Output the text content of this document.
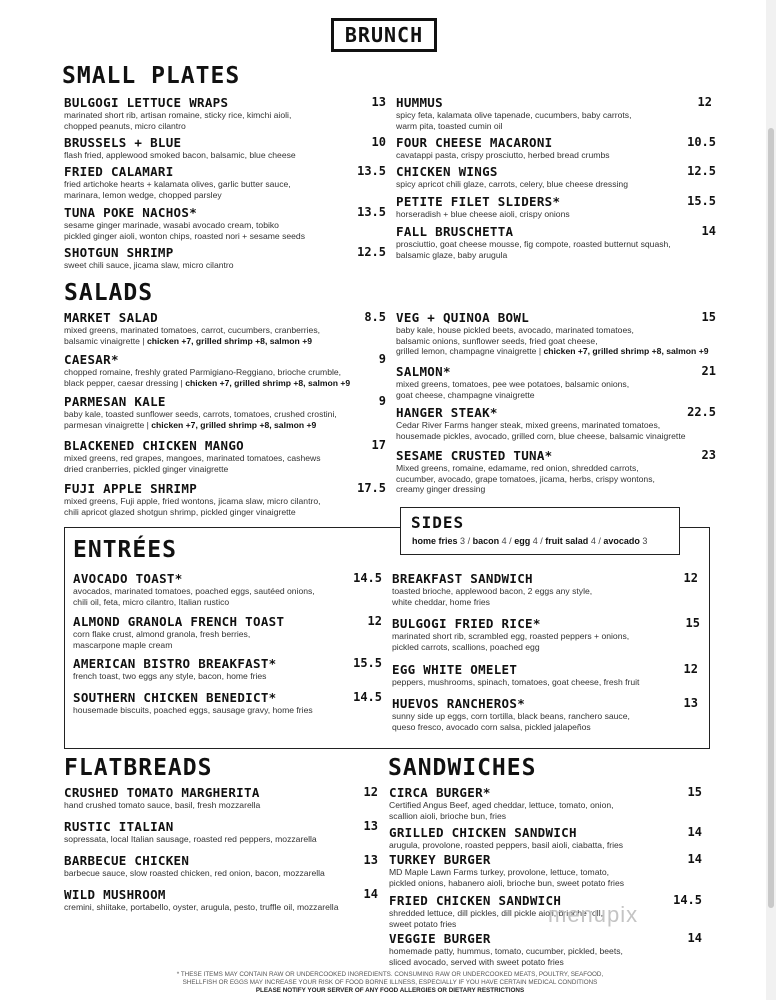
BRUNCH
SMALL PLATES
BULGOGI LETTUCE WRAPS	13
marinated short rib, artisan romaine, sticky rice, kimchi aioli,
chopped peanuts, micro cilantro
BRUSSELS + BLUE	10
flash fried, applewood smoked bacon, balsamic, blue cheese
FRIED CALAMARI	13.5
fried artichoke hearts + kalamata olives, garlic butter sauce,
marinara, lemon wedge, chopped parsley
TUNA POKE NACHOS*	13.5
sesame ginger marinade, wasabi avocado cream, tobiko
pickled ginger aioli, wonton chips, roasted nori + sesame seeds
SHOTGUN SHRIMP	12.5
sweet chili sauce, jicama slaw, micro cilantro
HUMMUS	12
spicy feta, kalamata olive tapenade, cucumbers, baby carrots,
warm pita, toasted cumin oil
FOUR CHEESE MACARONI	10.5
cavatappi pasta, crispy prosciutto, herbed bread crumbs
CHICKEN WINGS	12.5
spicy apricot chili glaze, carrots, celery, blue cheese dressing
PETITE FILET SLIDERS*	15.5
horseradish + blue cheese aioli, crispy onions
FALL BRUSCHETTA	14
prosciuttio, goat cheese mousse, fig compote, roasted butternut squash,
balsamic glaze, baby arugula
SALADS
MARKET SALAD	8.5
mixed greens, marinated tomatoes, carrot, cucumbers, cranberries,
balsamic vinaigrette | chicken +7, grilled shrimp +8, salmon +9
CAESAR*	9
chopped romaine, freshly grated Parmigiano-Reggiano, brioche crumble,
black pepper, caesar dressing | chicken +7, grilled shrimp +8, salmon +9
PARMESAN KALE	9
baby kale, toasted sunflower seeds, carrots, tomatoes, crushed crostini,
parmesan vinaigrette | chicken +7, grilled shrimp +8, salmon +9
BLACKENED CHICKEN MANGO	17
mixed greens, red grapes, mangoes, marinated tomatoes, cashews
dried cranberries, pickled ginger vinaigrette
FUJI APPLE SHRIMP	17.5
mixed greens, Fuji apple, fried wontons, jicama slaw, micro cilantro,
chili apricot glazed shotgun shrimp, pickled ginger vinaigrette
VEG + QUINOA BOWL	15
baby kale, house pickled beets, avocado, marinated tomatoes,
balsamic onions, sunflower seeds, fried goat cheese,
grilled lemon, champagne vinaigrette | chicken +7, grilled shrimp +8, salmon +9
SALMON*	21
mixed greens, tomatoes, pee wee potatoes, balsamic onions,
goat cheese, champagne vinaigrette
HANGER STEAK*	22.5
Cedar River Farms hanger steak, mixed greens, marinated tomatoes,
housemade pickles, avocado, grilled corn, blue cheese, balsamic vinaigrette
SESAME CRUSTED TUNA*	23
Mixed greens, romaine, edamame, red onion, shredded carrots,
cucumber, avocado, grape tomatoes, jicama, herbs, crispy wontons,
creamy ginger dressing
SIDES
home fries 3 / bacon 4 / egg 4 / fruit salad 4 / avocado 3
ENTRÉES
AVOCADO TOAST*	14.5
avocados, marinated tomatoes, poached eggs, sautéed onions,
chili oil, feta, micro cilantro, Italian rustico
ALMOND GRANOLA FRENCH TOAST	12
corn flake crust, almond granola, fresh berries,
mascarpone maple cream
AMERICAN BISTRO BREAKFAST*	15.5
french toast, two eggs any style, bacon, home fries
SOUTHERN CHICKEN BENEDICT*	14.5
housemade biscuits, poached eggs, sausage gravy, home fries
BREAKFAST SANDWICH	12
toasted brioche, applewood bacon, 2 eggs any style,
white cheddar, home fries
BULGOGI FRIED RICE*	15
marinated short rib, scrambled egg, roasted peppers + onions,
pickled carrots, scallions, poached egg
EGG WHITE OMELET	12
peppers, mushrooms, spinach, tomatoes, goat cheese, fresh fruit
HUEVOS RANCHEROS*	13
sunny side up eggs, corn tortilla, black beans, ranchero sauce,
queso fresco, avocado corn salsa, pickled jalapeños
FLATBREADS
CRUSHED TOMATO MARGHERITA	12
hand crushed tomato sauce, basil, fresh mozzarella
RUSTIC ITALIAN	13
sopressata, local Italian sausage, roasted red peppers, mozzarella
BARBECUE CHICKEN	13
barbecue sauce, slow roasted chicken, red onion, bacon, mozzarella
WILD MUSHROOM	14
cremini, shiitake, portabello, oyster, arugula, pesto, truffle oil, mozzarella
SANDWICHES
CIRCA BURGER*	15
Certified Angus Beef, aged cheddar, lettuce, tomato, onion,
scallion aioli, brioche bun, fries
GRILLED CHICKEN SANDWICH	14
arugula, provolone, roasted peppers, basil aioli, ciabatta, fries
TURKEY BURGER	14
MD Maple Lawn Farms turkey, provolone, lettuce, tomato,
pickled onions, habanero aioli, brioche bun, sweet potato fries
FRIED CHICKEN SANDWICH	14.5
shredded lettuce, dill pickles, dill pickle aioli, brioche roll,
sweet potato fries
VEGGIE BURGER	14
homemade patty, hummus, tomato, cucumber, pickled, beets,
sliced avocado, served with sweet potato fries
menupix
* THESE ITEMS MAY CONTAIN RAW OR UNDERCOOKED INGREDIENTS. CONSUMING RAW OR UNDERCOOKED MEATS, POULTRY, SEAFOOD,
SHELLFISH OR EGGS MAY INCREASE YOUR RISK OF FOOD BORNE ILLNESS, ESPECIALLY IF YOU HAVE CERTAIN MEDICAL CONDITIONS
PLEASE NOTIFY YOUR SERVER OF ANY FOOD ALLERGIES OR DIETARY RESTRICTIONS
